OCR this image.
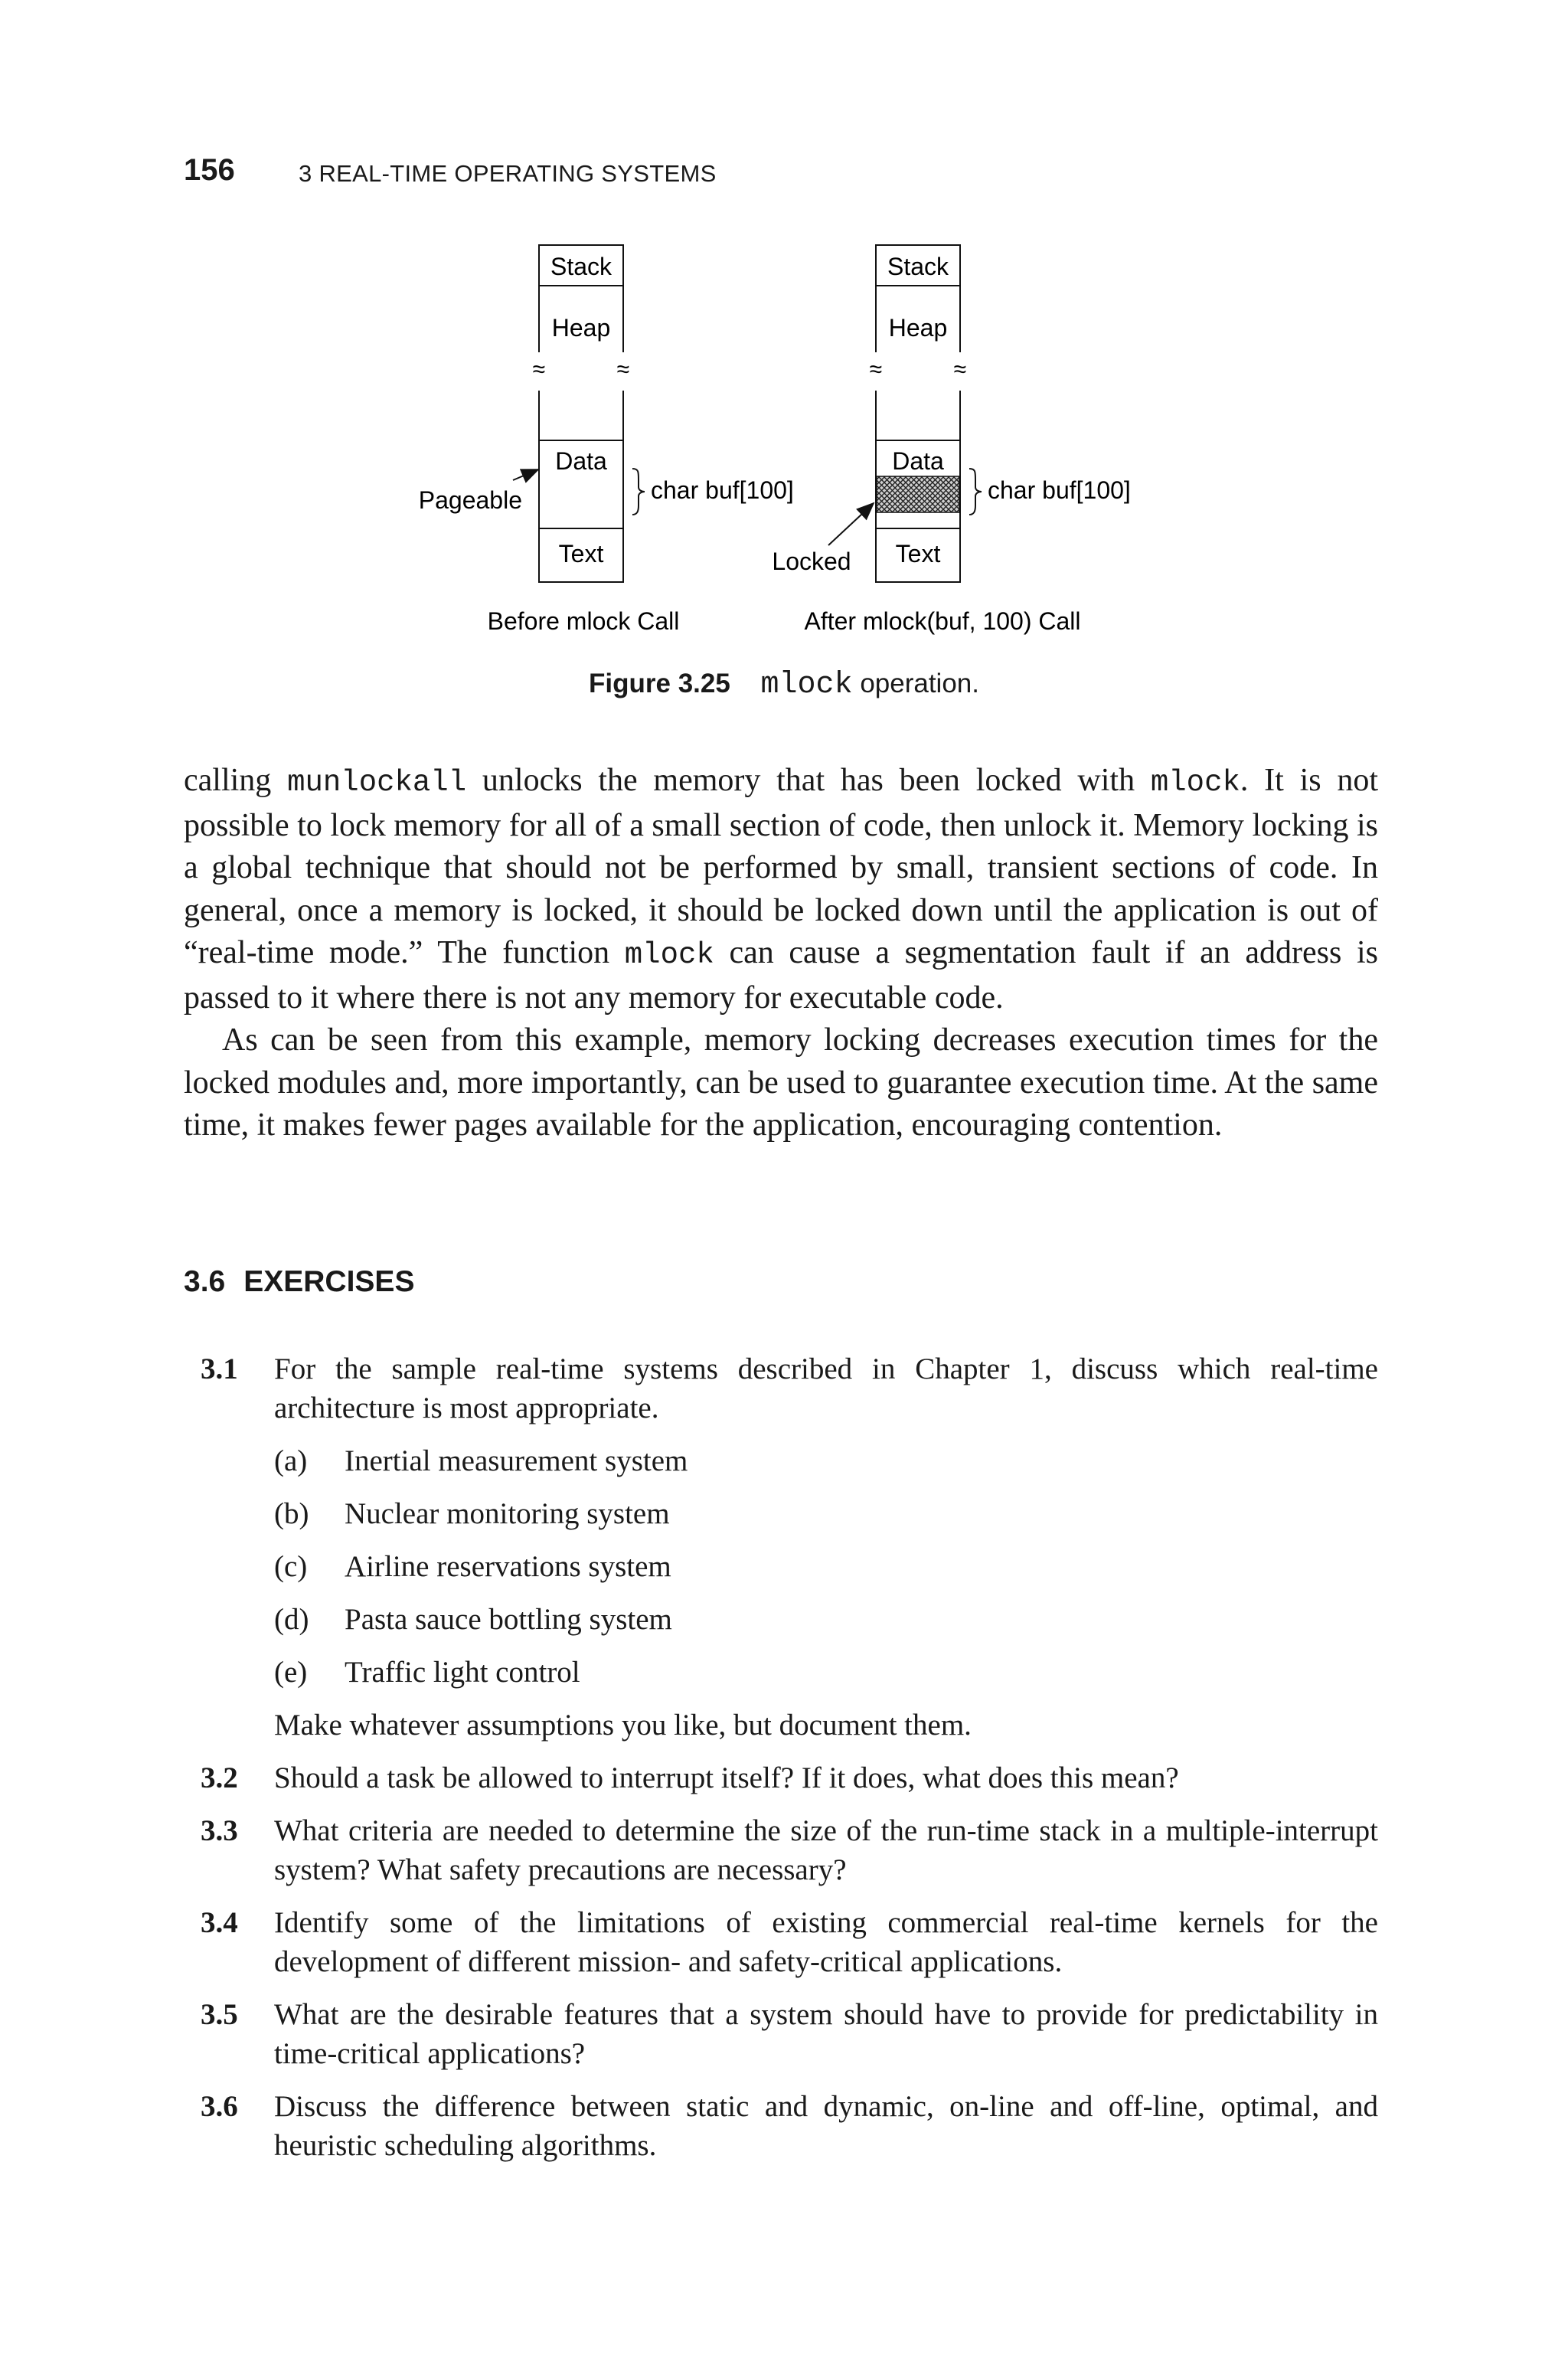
156	3 REAL-TIME OPERATING SYSTEMS
≈	≈
Stack
Heap
Data
Text
Pageable	char buf[100]
Before mlock Call
≈	≈
Stack
Heap
Data
Text
Locked
char buf[100]
After mlock(buf, 100) Call
Figure 3.25 mlock operation.

calling munlockall unlocks the memory that has been locked with mlock. It is not possible to lock memory for all of a small section of code, then unlock it. Memory locking is a global technique that should not be performed by small, transient sections of code. In general, once a memory is locked, it should be locked down until the application is out of “real-time mode.” The function mlock can cause a segmentation fault if an address is passed to it where there is not any memory for executable code.

As can be seen from this example, memory locking decreases execution times for the locked modules and, more importantly, can be used to guarantee execution time. At the same time, it makes fewer pages available for the application, encouraging contention.

3.6 EXERCISES
3.1 For the sample real-time systems described in Chapter 1, discuss which real-time architecture is most appropriate.
(a) Inertial measurement system
(b) Nuclear monitoring system
(c) Airline reservations system
(d) Pasta sauce bottling system
(e) Traffic light control
Make whatever assumptions you like, but document them.
3.2 Should a task be allowed to interrupt itself? If it does, what does this mean?
3.3 What criteria are needed to determine the size of the run-time stack in a multiple-interrupt system? What safety precautions are necessary?
3.4 Identify some of the limitations of existing commercial real-time kernels for the development of different mission- and safety-critical applications.
3.5 What are the desirable features that a system should have to provide for predictability in time-critical applications?
3.6 Discuss the difference between static and dynamic, on-line and off-line, optimal, and heuristic scheduling algorithms.
